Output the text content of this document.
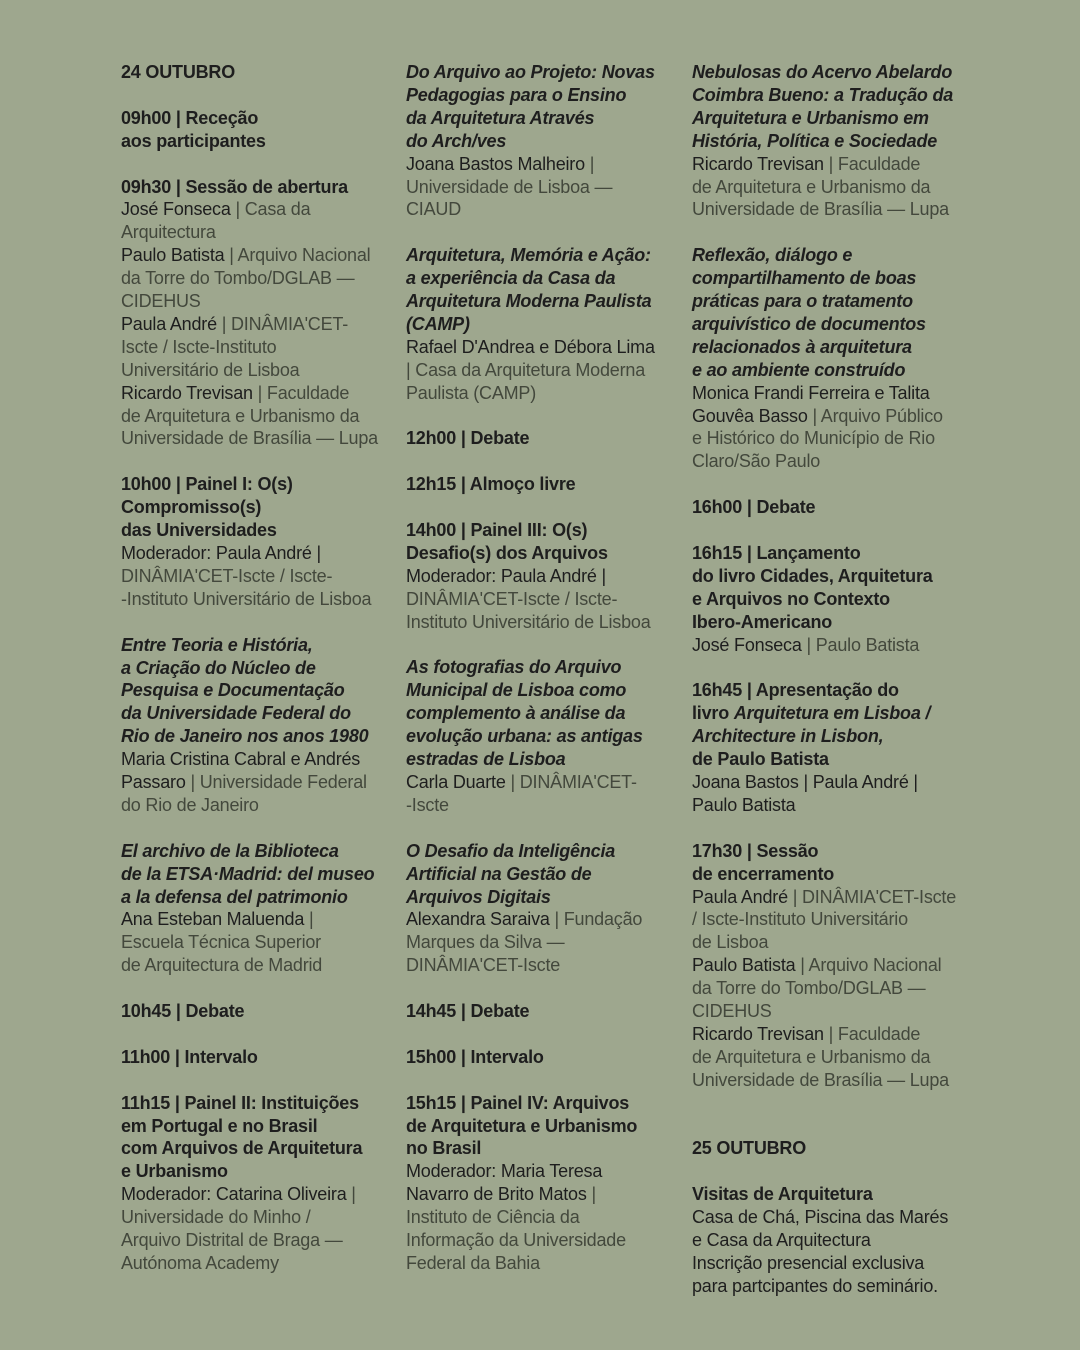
24 OUTUBRO
09h00 | Receção
aos participantes
09h30 | Sessão de abertura
José Fonseca | Casa da
Arquitectura
Paulo Batista | Arquivo Nacional
da Torre do Tombo/DGLAB —
CIDEHUS
Paula André | DINÂMIA'CET-
Iscte / Iscte-Instituto
Universitário de Lisboa
Ricardo Trevisan | Faculdade
de Arquitetura e Urbanismo da
Universidade de Brasília — Lupa
10h00 | Painel I: O(s)
Compromisso(s)
das Universidades
Moderador: Paula André |
DINÂMIA'CET-Iscte / Iscte-
-Instituto Universitário de Lisboa
Entre Teoria e História,
a Criação do Núcleo de
Pesquisa e Documentação
da Universidade Federal do
Rio de Janeiro nos anos 1980
Maria Cristina Cabral e Andrés
Passaro | Universidade Federal
do Rio de Janeiro
El archivo de la Biblioteca
de la ETSA·Madrid: del museo
a la defensa del patrimonio
Ana Esteban Maluenda |
Escuela Técnica Superior
de Arquitectura de Madrid
10h45 | Debate
11h00 | Intervalo
11h15 | Painel II: Instituições
em Portugal e no Brasil
com Arquivos de Arquitetura
e Urbanismo
Moderador: Catarina Oliveira |
Universidade do Minho /
Arquivo Distrital de Braga —
Autónoma Academy
Do Arquivo ao Projeto: Novas
Pedagogias para o Ensino
da Arquitetura Através
do Arch/ves
Joana Bastos Malheiro |
Universidade de Lisboa —
CIAUD
Arquitetura, Memória e Ação:
a experiência da Casa da
Arquitetura Moderna Paulista
(CAMP)
Rafael D'Andrea e Débora Lima
| Casa da Arquitetura Moderna
Paulista (CAMP)
12h00 | Debate
12h15 | Almoço livre
14h00 | Painel III: O(s)
Desafio(s) dos Arquivos
Moderador: Paula André |
DINÂMIA'CET-Iscte / Iscte-
Instituto Universitário de Lisboa
As fotografias do Arquivo
Municipal de Lisboa como
complemento à análise da
evolução urbana: as antigas
estradas de Lisboa
Carla Duarte | DINÂMIA'CET-
-Iscte
O Desafio da Inteligência
Artificial na Gestão de
Arquivos Digitais
Alexandra Saraiva | Fundação
Marques da Silva —
DINÂMIA'CET-Iscte
14h45 | Debate
15h00 | Intervalo
15h15 | Painel IV: Arquivos
de Arquitetura e Urbanismo
no Brasil
Moderador: Maria Teresa
Navarro de Brito Matos |
Instituto de Ciência da
Informação da Universidade
Federal da Bahia
Nebulosas do Acervo Abelardo
Coimbra Bueno: a Tradução da
Arquitetura e Urbanismo em
História, Política e Sociedade
Ricardo Trevisan | Faculdade
de Arquitetura e Urbanismo da
Universidade de Brasília — Lupa
Reflexão, diálogo e
compartilhamento de boas
práticas para o tratamento
arquivístico de documentos
relacionados à arquitetura
e ao ambiente construído
Monica Frandi Ferreira e Talita
Gouvêa Basso | Arquivo Público
e Histórico do Município de Rio
Claro/São Paulo
16h00 | Debate
16h15 | Lançamento
do livro Cidades, Arquitetura
e Arquivos no Contexto
Ibero-Americano
José Fonseca | Paulo Batista
16h45 | Apresentação do
livro Arquitetura em Lisboa /
Architecture in Lisbon,
de Paulo Batista
Joana Bastos | Paula André |
Paulo Batista
17h30 | Sessão
de encerramento
Paula André | DINÂMIA'CET-Iscte
/ Iscte-Instituto Universitário
de Lisboa
Paulo Batista | Arquivo Nacional
da Torre do Tombo/DGLAB —
CIDEHUS
Ricardo Trevisan | Faculdade
de Arquitetura e Urbanismo da
Universidade de Brasília — Lupa
25 OUTUBRO
Visitas de Arquitetura
Casa de Chá, Piscina das Marés
e Casa da Arquitectura
Inscrição presencial exclusiva
para partcipantes do seminário.
